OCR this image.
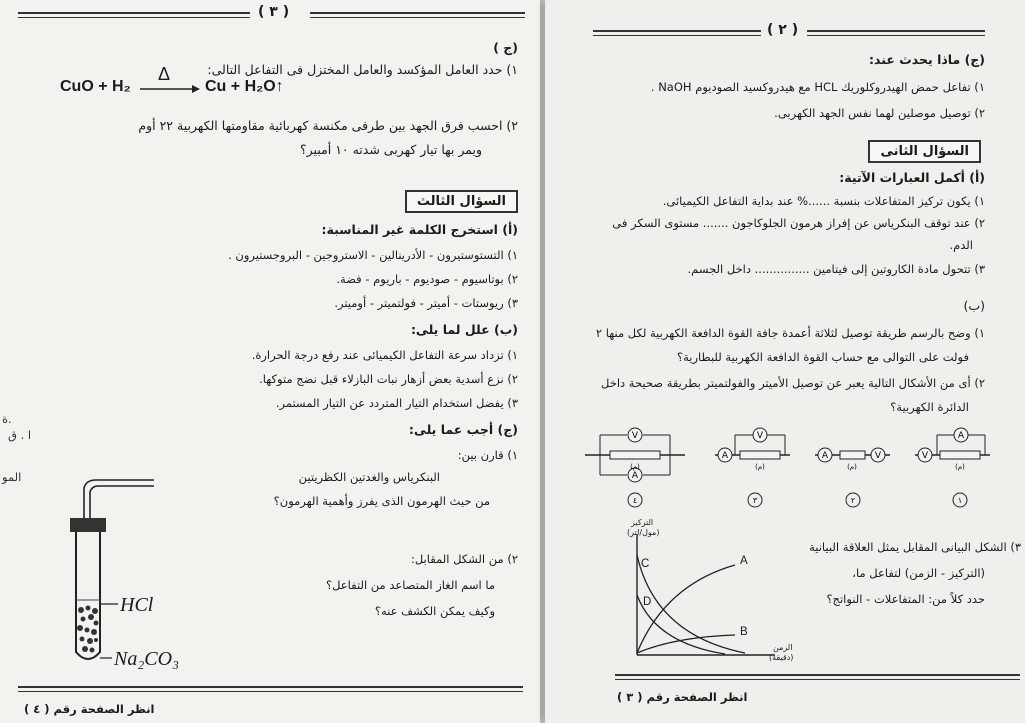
( ٣ )
(ج )
١) حدد العامل المؤكسد والعامل المختزل فى التفاعل التالى:
CuO + H₂
Δ
→ Cu + H₂O↑
٢) احسب فرق الجهد بين طرفى مكنسة كهربائية مقاومتها الكهربية ٢٢ أوم
ويمر بها تيار كهربى شدته ١٠ أمبير؟
السؤال الثالث
(أ) استخرج الكلمة غير المناسبة:
١) التستوستيرون - الأدرينالين - الاستروجين - البروجستيرون .
٢) بوتاسيوم - صوديوم - باريوم - فضة.
٣) ريوستات - أميتر - فولتميتر - أوميتر.
(ب) علل لما يلى:
١) تزداد سرعة التفاعل الكيميائى عند رفع درجة الحرارة.
٢) نزع أسدية بعض أزهار نبات البازلاء قبل نضج متوكها.
٣) يفضل استخدام التيار المتردد عن التيار المستمر.
(ج) أجب عما يلى:
١) قارن بين:
البنكرياس والغدتين الكظريتين
من حيث الهرمون الذى يفرز وأهمية الهرمون؟
٢) من الشكل المقابل:
ما اسم الغاز المتصاعد من التفاعل؟
وكيف يمكن الكشف عنه؟
HCl
Na₂CO₃
ة.
ا . ق
المو
انظر الصفحة رقم ( ٤ )
( ٢ )
(ج) ماذا يحدث عند:
١) تفاعل حمض الهيدروكلوريك HCL مع هيدروكسيد الصوديوم NaOH .
٢) توصيل موصلين لهما نفس الجهد الكهربى.
السؤال الثانى
(أ) أكمل العبارات الآتية:
١) يكون تركيز المتفاعلات بنسبة ......% عند بداية التفاعل الكيميائى.
٢) عند توقف البنكرياس عن إفراز هرمون الجلوكاجون ....... مستوى السكر فى
الدم.
٣) تتحول مادة الكاروتين إلى فيتامين ............... داخل الجسم.
(ب)
١) وضح بالرسم طريقة توصيل لثلاثة أعمدة جافة القوة الدافعة الكهربية لكل منها ٢
فولت على التوالى مع حساب القوة الدافعة الكهربية للبطارية؟
٢) أى من الأشكال التالية يعبر عن توصيل الأميتر والفولتميتر بطريقة صحيحة داخل
الدائرة الكهربية؟
V
A
(م)
٤
A
V
(م)
٣
A	V
(م)
٢
V
A
(م)
١
A
B
C
D
التركيز
(مول/لتر)
الزمن
(دقيقة)
٣) الشكل البيانى المقابل يمثل العلاقة البيانية
(التركيز - الزمن) لتفاعل ما،
حدد كلاً من: المتفاعلات - النواتج؟
انظر الصفحة رقم ( ٣ )
